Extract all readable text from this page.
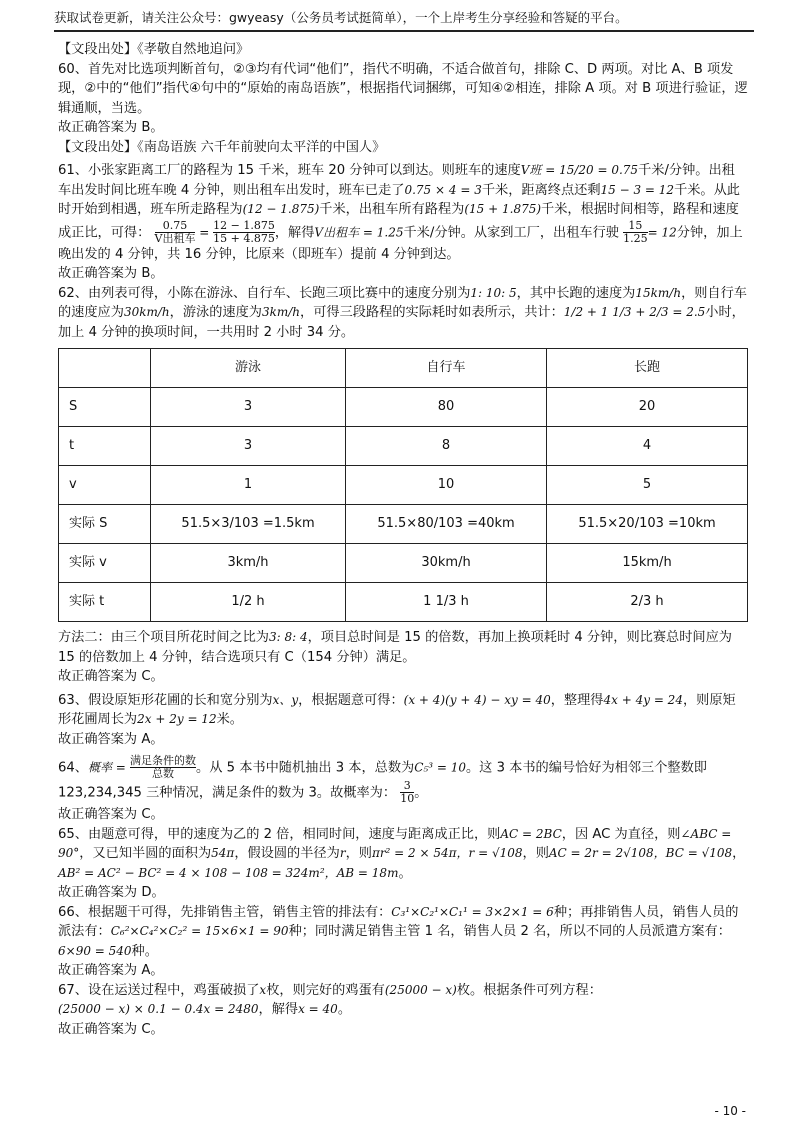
获取试卷更新，请关注公众号：gwyeasy（公务员考试挺简单），一个上岸考生分享经验和答疑的平台。

【文段出处】《孝敬自然地追问》

60、首先对比选项判断首句，②③均有代词“他们”，指代不明确，不适合做首句，排除 C、D 两项。对比 A、B 项发现，②中的“他们”指代④句中的“原始的南岛语族”，根据指代词捆绑，可知④②相连，排除 A 项。对 B 项进行验证，逻辑通顺，当选。

故正确答案为 B。

【文段出处】《南岛语族 六千年前驶向太平洋的中国人》

61、小张家距离工厂的路程为 15 千米，班车 20 分钟可以到达。则班车的速度V班 = 15/20 = 0.75千米/分钟。出租车出发时间比班车晚 4 分钟，则出租车出发时，班车已走了0.75 × 4 = 3千米，距离终点还剩15 − 3 = 12千米。从此时开始到相遇，班车所走路程为(12 − 1.875)千米，出租车所有路程为(15 + 1.875)千米，根据时间相等，路程和速度成正比，可得： $\frac{0.75}{\text{V出租车}} = \frac{12 - 1.875}{15 + 4.875}$ ，解得V出租车 = 1.25千米/分钟。从家到工厂，出租车行驶 $\frac{15}{1.25} = 12$分钟，加上晚出发的 4 分钟，共 16 分钟，比原来（即班车）提前 4 分钟到达。

故正确答案为 B。

62、由列表可得，小陈在游泳、自行车、长跑三项比赛中的速度分别为1: 10: 5，其中长跑的速度为15km/h，则自行车的速度应为30km/h，游泳的速度为3km/h，可得三段路程的实际耗时如表所示，共计：1/2 + 1 1/3 + 2/3 = 2.5小时，加上 4 分钟的换项时间，一共用时 2 小时 34 分。

	游泳	自行车	长跑
S	3	80	20
t	3	8	4
v	1	10	5
实际 S	51.5×3/103 =1.5km	51.5×80/103 =40km	51.5×20/103 =10km
实际 v	3km/h	30km/h	15km/h
实际 t	1/2 h	1 1/3 h	2/3 h

方法二：由三个项目所花时间之比为3: 8: 4，项目总时间是 15 的倍数，再加上换项耗时 4 分钟，则比赛总时间应为 15 的倍数加上 4 分钟，结合选项只有 C（154 分钟）满足。

故正确答案为 C。

63、假设原矩形花圃的长和宽分别为x、y，根据题意可得：(x + 4)(y + 4) − xy = 40，整理得4x + 4y = 24，则原矩形花圃周长为2x + 2y = 12米。

故正确答案为 A。

64、概率 = $\frac{\text{满足条件的数}}{\text{总数}}$ 。从 5 本书中随机抽出 3 本，总数为C₅³ = 10。这 3 本书的编号恰好为相邻三个整数即 123,234,345 三种情况，满足条件的数为 3。故概率为： $\frac{3}{10}$ 。

故正确答案为 C。

65、由题意可得，甲的速度为乙的 2 倍，相同时间，速度与距离成正比，则AC = 2BC，因 AC 为直径，则∠ABC = 90°，又已知半圆的面积为54π，假设圆的半径为r，则πr² = 2 × 54π，r = √108，则AC = 2r = 2√108，BC = √108，AB² = AC² − BC² = 4 × 108 − 108 = 324m²，AB = 18m。

故正确答案为 D。

66、根据题干可得，先排销售主管，销售主管的排法有：C₃¹×C₂¹×C₁¹ = 3×2×1 = 6种；再排销售人员，销售人员的派法有：C₆²×C₄²×C₂² = 15×6×1 = 90种；同时满足销售主管 1 名，销售人员 2 名，所以不同的人员派遣方案有：6×90 = 540种。

故正确答案为 A。

67、设在运送过程中，鸡蛋破损了x枚，则完好的鸡蛋有(25000 − x)枚。根据条件可列方程：
(25000 − x) × 0.1 − 0.4x = 2480，解得x = 40。

故正确答案为 C。

- 10 -
